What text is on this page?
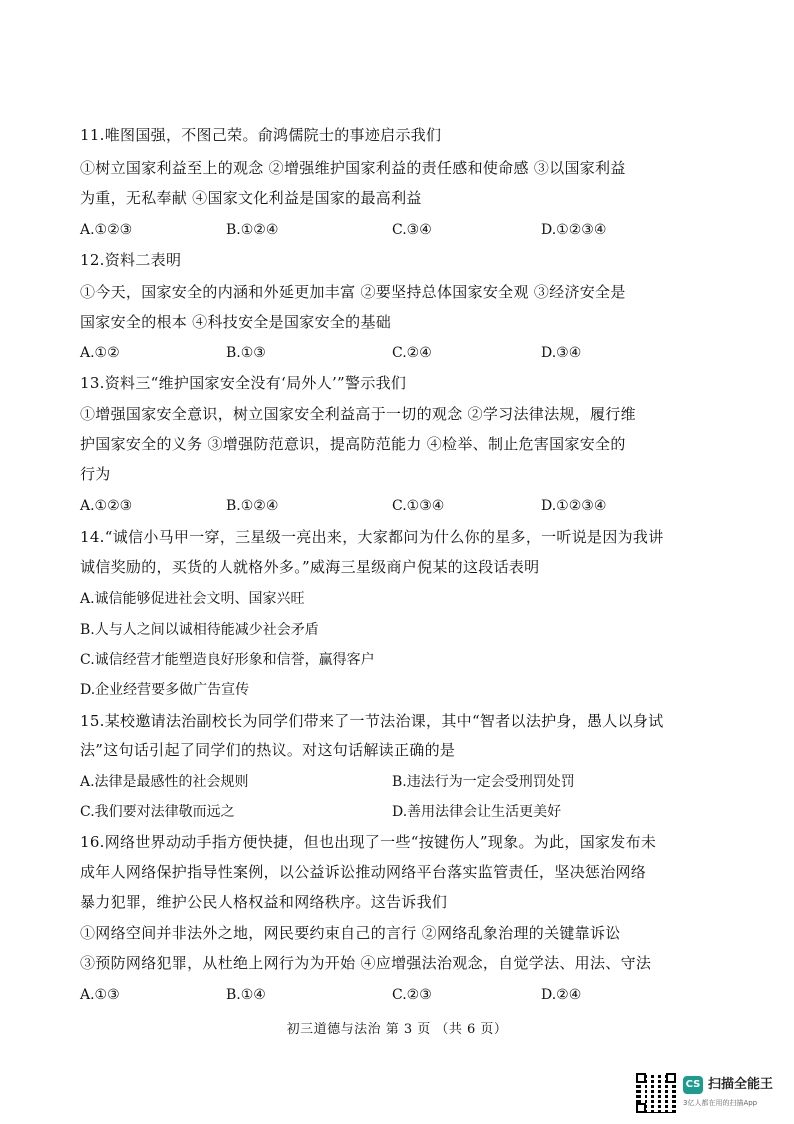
11.唯图国强，不图己荣。俞鸿儒院士的事迹启示我们
①树立国家利益至上的观念 ②增强维护国家利益的责任感和使命感 ③以国家利益
为重，无私奉献 ④国家文化利益是国家的最高利益
A.①②③	B.①②④	C.③④	D.①②③④
12.资料二表明
①今天，国家安全的内涵和外延更加丰富 ②要坚持总体国家安全观 ③经济安全是
国家安全的根本 ④科技安全是国家安全的基础
A.①②	B.①③	C.②④	D.③④
13.资料三“维护国家安全没有‘局外人’”警示我们
①增强国家安全意识，树立国家安全利益高于一切的观念 ②学习法律法规，履行维
护国家安全的义务 ③增强防范意识，提高防范能力 ④检举、制止危害国家安全的
行为
A.①②③	B.①②④	C.①③④	D.①②③④
14.“诚信小马甲一穿，三星级一亮出来，大家都问为什么你的星多，一听说是因为我讲
诚信奖励的，买货的人就格外多。”威海三星级商户倪某的这段话表明
A.诚信能够促进社会文明、国家兴旺
B.人与人之间以诚相待能减少社会矛盾
C.诚信经营才能塑造良好形象和信誉，赢得客户
D.企业经营要多做广告宣传
15.某校邀请法治副校长为同学们带来了一节法治课，其中“智者以法护身，愚人以身试
法”这句话引起了同学们的热议。对这句话解读正确的是
A.法律是最感性的社会规则	B.违法行为一定会受刑罚处罚
C.我们要对法律敬而远之	D.善用法律会让生活更美好
16.网络世界动动手指方便快捷，但也出现了一些“按键伤人”现象。为此，国家发布未
成年人网络保护指导性案例，以公益诉讼推动网络平台落实监管责任，坚决惩治网络
暴力犯罪，维护公民人格权益和网络秩序。这告诉我们
①网络空间并非法外之地，网民要约束自己的言行 ②网络乱象治理的关键靠诉讼
③预防网络犯罪，从杜绝上网行为为开始 ④应增强法治观念，自觉学法、用法、守法
A.①③	B.①④	C.②③	D.②④
初三道德与法治 第 3 页 （共 6 页）
CS 扫描全能王
3亿人都在用的扫描App
